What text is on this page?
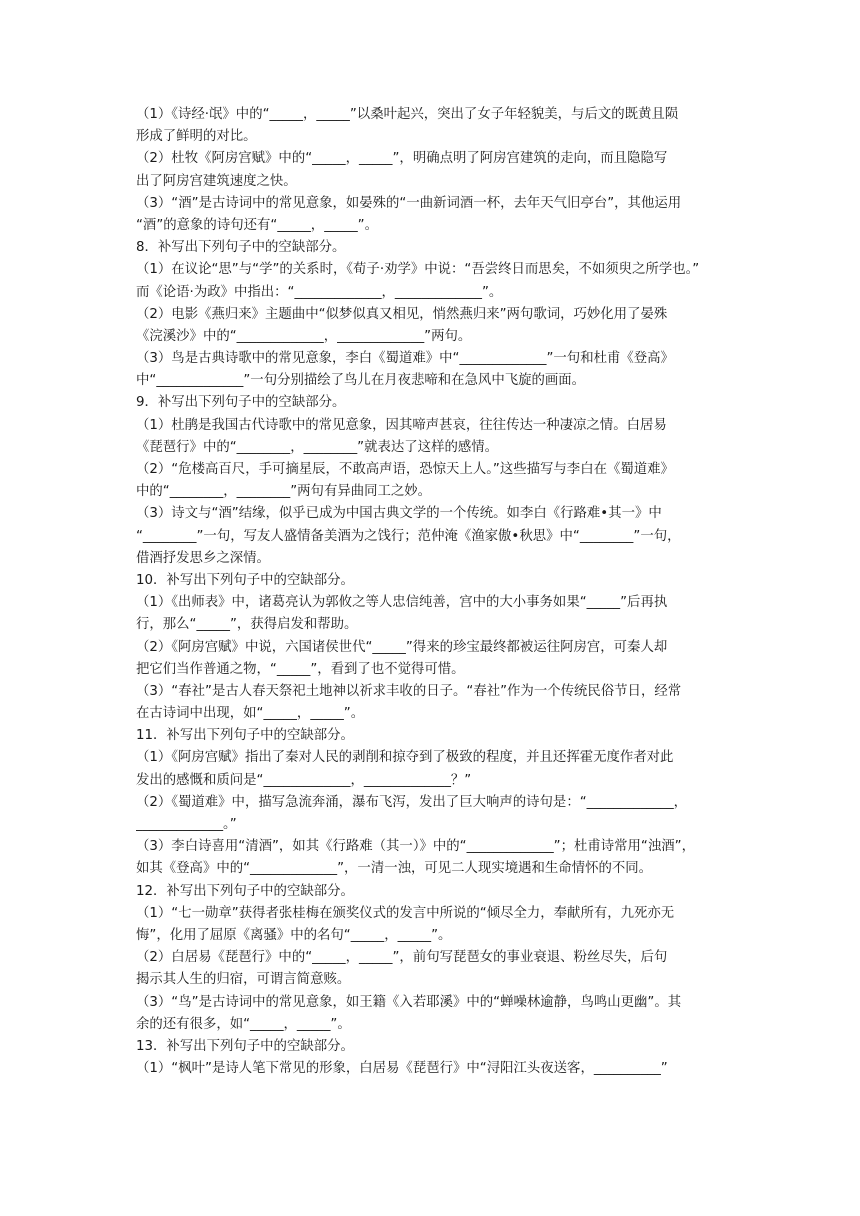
（1）《诗经·氓》中的“_____，_____”以桑叶起兴，突出了女子年轻貌美，与后文的既黄且陨
形成了鲜明的对比。
（2）杜牧《阿房宫赋》中的“_____，_____”，明确点明了阿房宫建筑的走向，而且隐隐写
出了阿房宫建筑速度之快。
（3）“酒”是古诗词中的常见意象，如晏殊的“一曲新词酒一杯，去年天气旧亭台”，其他运用
“酒”的意象的诗句还有“_____，_____”。
8．补写出下列句子中的空缺部分。
（1）在议论“思”与“学”的关系时，《荀子·劝学》中说：“吾尝终日而思矣，不如须臾之所学也。”
而《论语·为政》中指出：“_____________，_____________”。
（2）电影《燕归来》主题曲中“似梦似真又相见，悄然燕归来”两句歌词，巧妙化用了晏殊
《浣溪沙》中的“_____________，_____________”两句。
（3）鸟是古典诗歌中的常见意象，李白《蜀道难》中“_____________”一句和杜甫《登高》
中“_____________”一句分别描绘了鸟儿在月夜悲啼和在急风中飞旋的画面。
9．补写出下列句子中的空缺部分。
（1）杜鹃是我国古代诗歌中的常见意象，因其啼声甚哀，往往传达一种凄凉之情。白居易
《琵琶行》中的“________，________”就表达了这样的感情。
（2）“危楼高百尺，手可摘星辰，不敢高声语，恐惊天上人。”这些描写与李白在《蜀道难》
中的“________，________”两句有异曲同工之妙。
（3）诗文与“酒”结缘，似乎已成为中国古典文学的一个传统。如李白《行路难•其一》中
“________”一句，写友人盛情备美酒为之饯行；范仲淹《渔家傲•秋思》中“________”一句，
借酒抒发思乡之深情。
10．补写出下列句子中的空缺部分。
（1）《出师表》中，诸葛亮认为郭攸之等人忠信纯善，宫中的大小事务如果“_____”后再执
行，那么“_____”，获得启发和帮助。
（2）《阿房宫赋》中说，六国诸侯世代“_____”得来的珍宝最终都被运往阿房宫，可秦人却
把它们当作普通之物，“_____”，看到了也不觉得可惜。
（3）“春社”是古人春天祭祀土地神以祈求丰收的日子。“春社”作为一个传统民俗节日，经常
在古诗词中出现，如“_____，_____”。
11．补写出下列句子中的空缺部分。
（1）《阿房宫赋》指出了秦对人民的剥削和掠夺到了极致的程度，并且还挥霍无度作者对此
发出的感慨和质问是“_____________，_____________？”
（2）《蜀道难》中，描写急流奔涌，瀑布飞泻，发出了巨大响声的诗句是：“_____________，
_____________。”
（3）李白诗喜用“清酒”，如其《行路难（其一）》中的“_____________”；杜甫诗常用“浊酒”，
如其《登高》中的“_____________”，一清一浊，可见二人现实境遇和生命情怀的不同。
12．补写出下列句子中的空缺部分。
（1）“七一勋章”获得者张桂梅在颁奖仪式的发言中所说的“倾尽全力，奉献所有，九死亦无
悔”，化用了屈原《离骚》中的名句“_____，_____”。
（2）白居易《琵琶行》中的“_____，_____”，前句写琵琶女的事业衰退、粉丝尽失，后句
揭示其人生的归宿，可谓言简意赅。
（3）“鸟”是古诗词中的常见意象，如王籍《入若耶溪》中的“蝉噪林逾静，鸟鸣山更幽”。其
余的还有很多，如“_____，_____”。
13．补写出下列句子中的空缺部分。
（1）“枫叶”是诗人笔下常见的形象，白居易《琵琶行》中“浔阳江头夜送客，__________”
